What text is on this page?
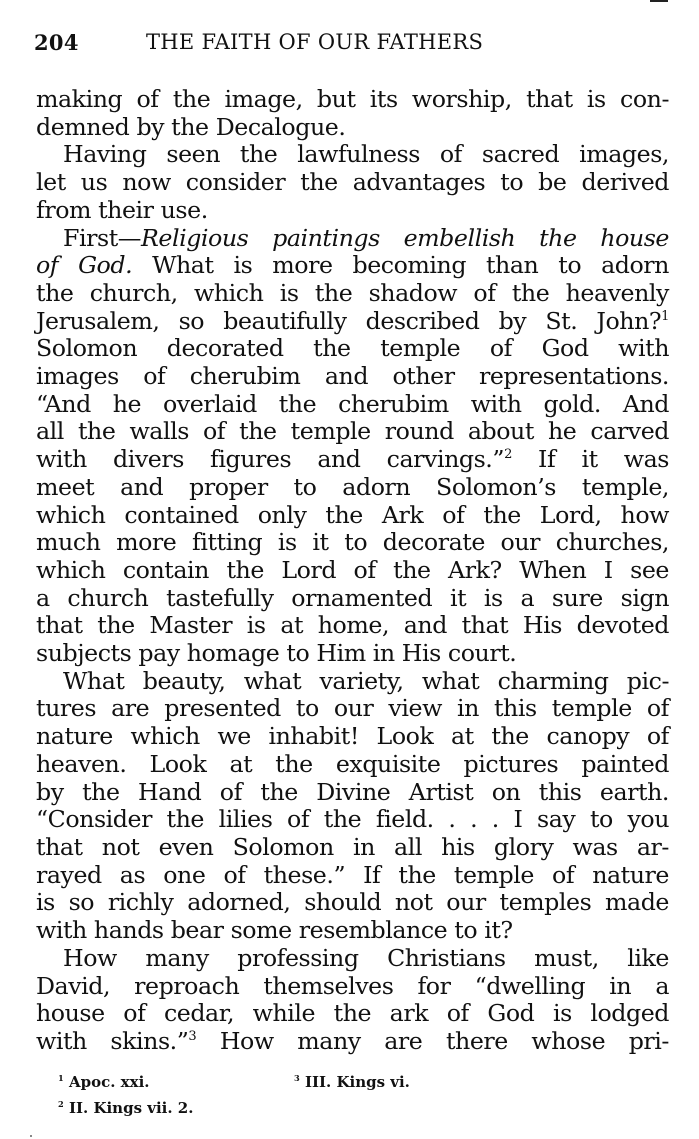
204	THE FAITH OF OUR FATHERS
making of the image, but its worship, that is con-
demned by the Decalogue.
Having seen the lawfulness of sacred images,
let us now consider the advantages to be derived
from their use.
First—Religious paintings embellish the house
of God. What is more becoming than to adorn
the church, which is the shadow of the heavenly
Jerusalem, so beautifully described by St. John?$^1$
Solomon decorated the temple of God with
images of cherubim and other representations.
“And he overlaid the cherubim with gold. And
all the walls of the temple round about he carved
with divers figures and carvings.”$^2$ If it was
meet and proper to adorn Solomon’s temple,
which contained only the Ark of the Lord, how
much more fitting is it to decorate our churches,
which contain the Lord of the Ark? When I see
a church tastefully ornamented it is a sure sign
that the Master is at home, and that His devoted
subjects pay homage to Him in His court.
What beauty, what variety, what charming pic-
tures are presented to our view in this temple of
nature which we inhabit! Look at the canopy of
heaven. Look at the exquisite pictures painted
by the Hand of the Divine Artist on this earth.
“Consider the lilies of the field. . . . I say to you
that not even Solomon in all his glory was ar-
rayed as one of these.” If the temple of nature
is so richly adorned, should not our temples made
with hands bear some resemblance to it?
How many professing Christians must, like
David, reproach themselves for “dwelling in a
house of cedar, while the ark of God is lodged
with skins.”$^3$ How many are there whose pri-
$^1$ Apoc. xxi.	$^3$ III. Kings vi.
$^2$ II. Kings vii. 2.
